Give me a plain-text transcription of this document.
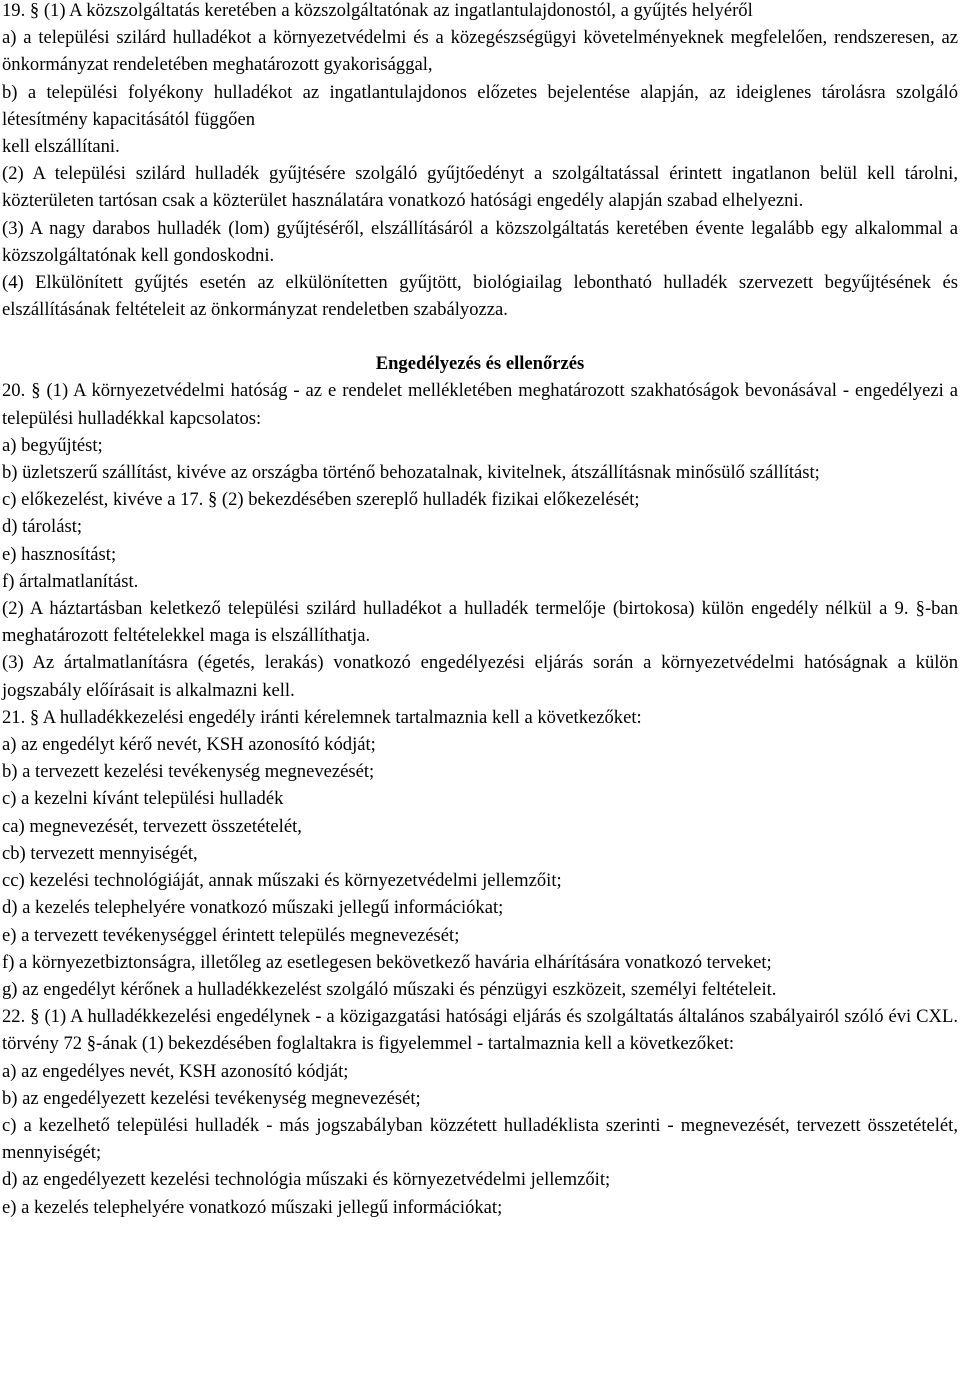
19. § (1) A közszolgáltatás keretében a közszolgáltatónak az ingatlantulajdonostól, a gyűjtés helyéről

a) a települési szilárd hulladékot a környezetvédelmi és a közegészségügyi követelményeknek megfelelően, rendszeresen, az önkormányzat rendeletében meghatározott gyakorisággal,

b) a települési folyékony hulladékot az ingatlantulajdonos előzetes bejelentése alapján, az ideiglenes tárolásra szolgáló létesítmény kapacitásától függően

kell elszállítani.

(2) A települési szilárd hulladék gyűjtésére szolgáló gyűjtőedényt a szolgáltatással érintett ingatlanon belül kell tárolni, közterületen tartósan csak a közterület használatára vonatkozó hatósági engedély alapján szabad elhelyezni.

(3) A nagy darabos hulladék (lom) gyűjtéséről, elszállításáról a közszolgáltatás keretében évente legalább egy alkalommal a közszolgáltatónak kell gondoskodni.

(4) Elkülönített gyűjtés esetén az elkülönítetten gyűjtött, biológiailag lebontható hulladék szervezett begyűjtésének és elszállításának feltételeit az önkormányzat rendeletben szabályozza.

Engedélyezés és ellenőrzés

20. § (1) A környezetvédelmi hatóság - az e rendelet mellékletében meghatározott szakhatóságok bevonásával - engedélyezi a települési hulladékkal kapcsolatos:

a) begyűjtést;

b) üzletszerű szállítást, kivéve az országba történő behozatalnak, kivitelnek, átszállításnak minősülő szállítást;

c) előkezelést, kivéve a 17. § (2) bekezdésében szereplő hulladék fizikai előkezelését;

d) tárolást;

e) hasznosítást;

f) ártalmatlanítást.

(2) A háztartásban keletkező települési szilárd hulladékot a hulladék termelője (birtokosa) külön engedély nélkül a 9. §-ban meghatározott feltételekkel maga is elszállíthatja.

(3) Az ártalmatlanításra (égetés, lerakás) vonatkozó engedélyezési eljárás során a környezetvédelmi hatóságnak a külön jogszabály előírásait is alkalmazni kell.

21. § A hulladékkezelési engedély iránti kérelemnek tartalmaznia kell a következőket:

a) az engedélyt kérő nevét, KSH azonosító kódját;

b) a tervezett kezelési tevékenység megnevezését;

c) a kezelni kívánt települési hulladék

ca) megnevezését, tervezett összetételét,

cb) tervezett mennyiségét,

cc) kezelési technológiáját, annak műszaki és környezetvédelmi jellemzőit;

d) a kezelés telephelyére vonatkozó műszaki jellegű információkat;

e) a tervezett tevékenységgel érintett település megnevezését;

f) a környezetbiztonságra, illetőleg az esetlegesen bekövetkező havária elhárítására vonatkozó terveket;

g) az engedélyt kérőnek a hulladékkezelést szolgáló műszaki és pénzügyi eszközeit, személyi feltételeit.

22. § (1) A hulladékkezelési engedélynek - a közigazgatási hatósági eljárás és szolgáltatás általános szabályairól szóló évi CXL. törvény 72 §-ának (1) bekezdésében foglaltakra is figyelemmel - tartalmaznia kell a következőket:

a) az engedélyes nevét, KSH azonosító kódját;

b) az engedélyezett kezelési tevékenység megnevezését;

c) a kezelhető települési hulladék - más jogszabályban közzétett hulladéklista szerinti - megnevezését, tervezett összetételét, mennyiségét;

d) az engedélyezett kezelési technológia műszaki és környezetvédelmi jellemzőit;

e) a kezelés telephelyére vonatkozó műszaki jellegű információkat;
